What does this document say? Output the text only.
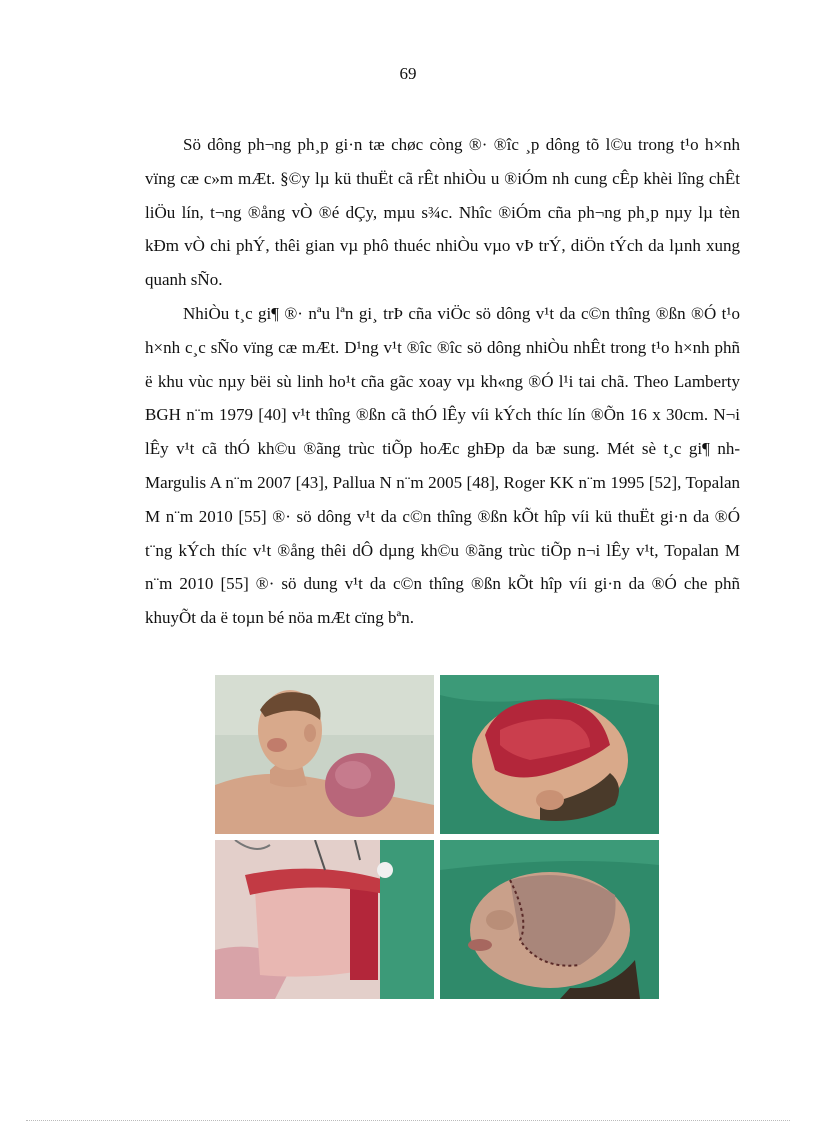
69

Sö dông ph¬ng ph¸p gi·n tæ chøc còng ®· ®îc ¸p dông tõ l©u trong t¹o h×nh vïng cæ c»m mÆt. §©y lµ kü thuËt cã rÊt nhiÒu u ®iÓm nh cung cÊp khèi lîng chÊt liÖu lín, t¬ng ®ång vÒ ®é dÇy, mµu s¾c. Nhîc ®iÓm cña ph¬ng ph¸p nµy lµ tèn kÐm vÒ chi phÝ, thêi gian vµ phô thuéc nhiÒu vµo vÞ trÝ, diÖn tÝch da lµnh xung quanh sÑo.

NhiÒu t¸c gi¶ ®· nªu lªn gi¸ trÞ cña viÖc sö dông v¹t da c©n thîng ®ßn ®Ó t¹o h×nh c¸c sÑo vïng cæ mÆt. D¹ng v¹t ®îc ®îc sö dông nhiÒu nhÊt trong t¹o h×nh phñ ë khu vùc nµy bëi sù linh ho¹t cña gãc xoay vµ kh«ng ®Ó l¹i tai chã. Theo Lamberty BGH n¨m 1979 [40] v¹t thîng ®ßn cã thÓ lÊy víi kÝch thíc lín ®Õn 16 x 30cm. N¬i lÊy v¹t cã thÓ kh©u ®ãng trùc tiÕp hoÆc ghÐp da bæ sung. Mét sè t¸c gi¶ nh Margulis A n¨m 2007 [43], Pallua N n¨m 2005 [48], Roger KK n¨m 1995 [52], Topalan M n¨m 2010 [55] ®· sö dông v¹t da c©n thîng ®ßn kÕt hîp víi kü thuËt gi·n da ®Ó t¨ng kÝch thíc v¹t ®ång thêi dÔ dµng kh©u ®ãng trùc tiÕp n¬i lÊy v¹t, Topalan M n¨m 2010 [55] ®· sö dung v¹t da c©n thîng ®ßn kÕt hîp víi gi·n da ®Ó che phñ khuyÕt da ë toµn bé nöa mÆt cïng bªn.
